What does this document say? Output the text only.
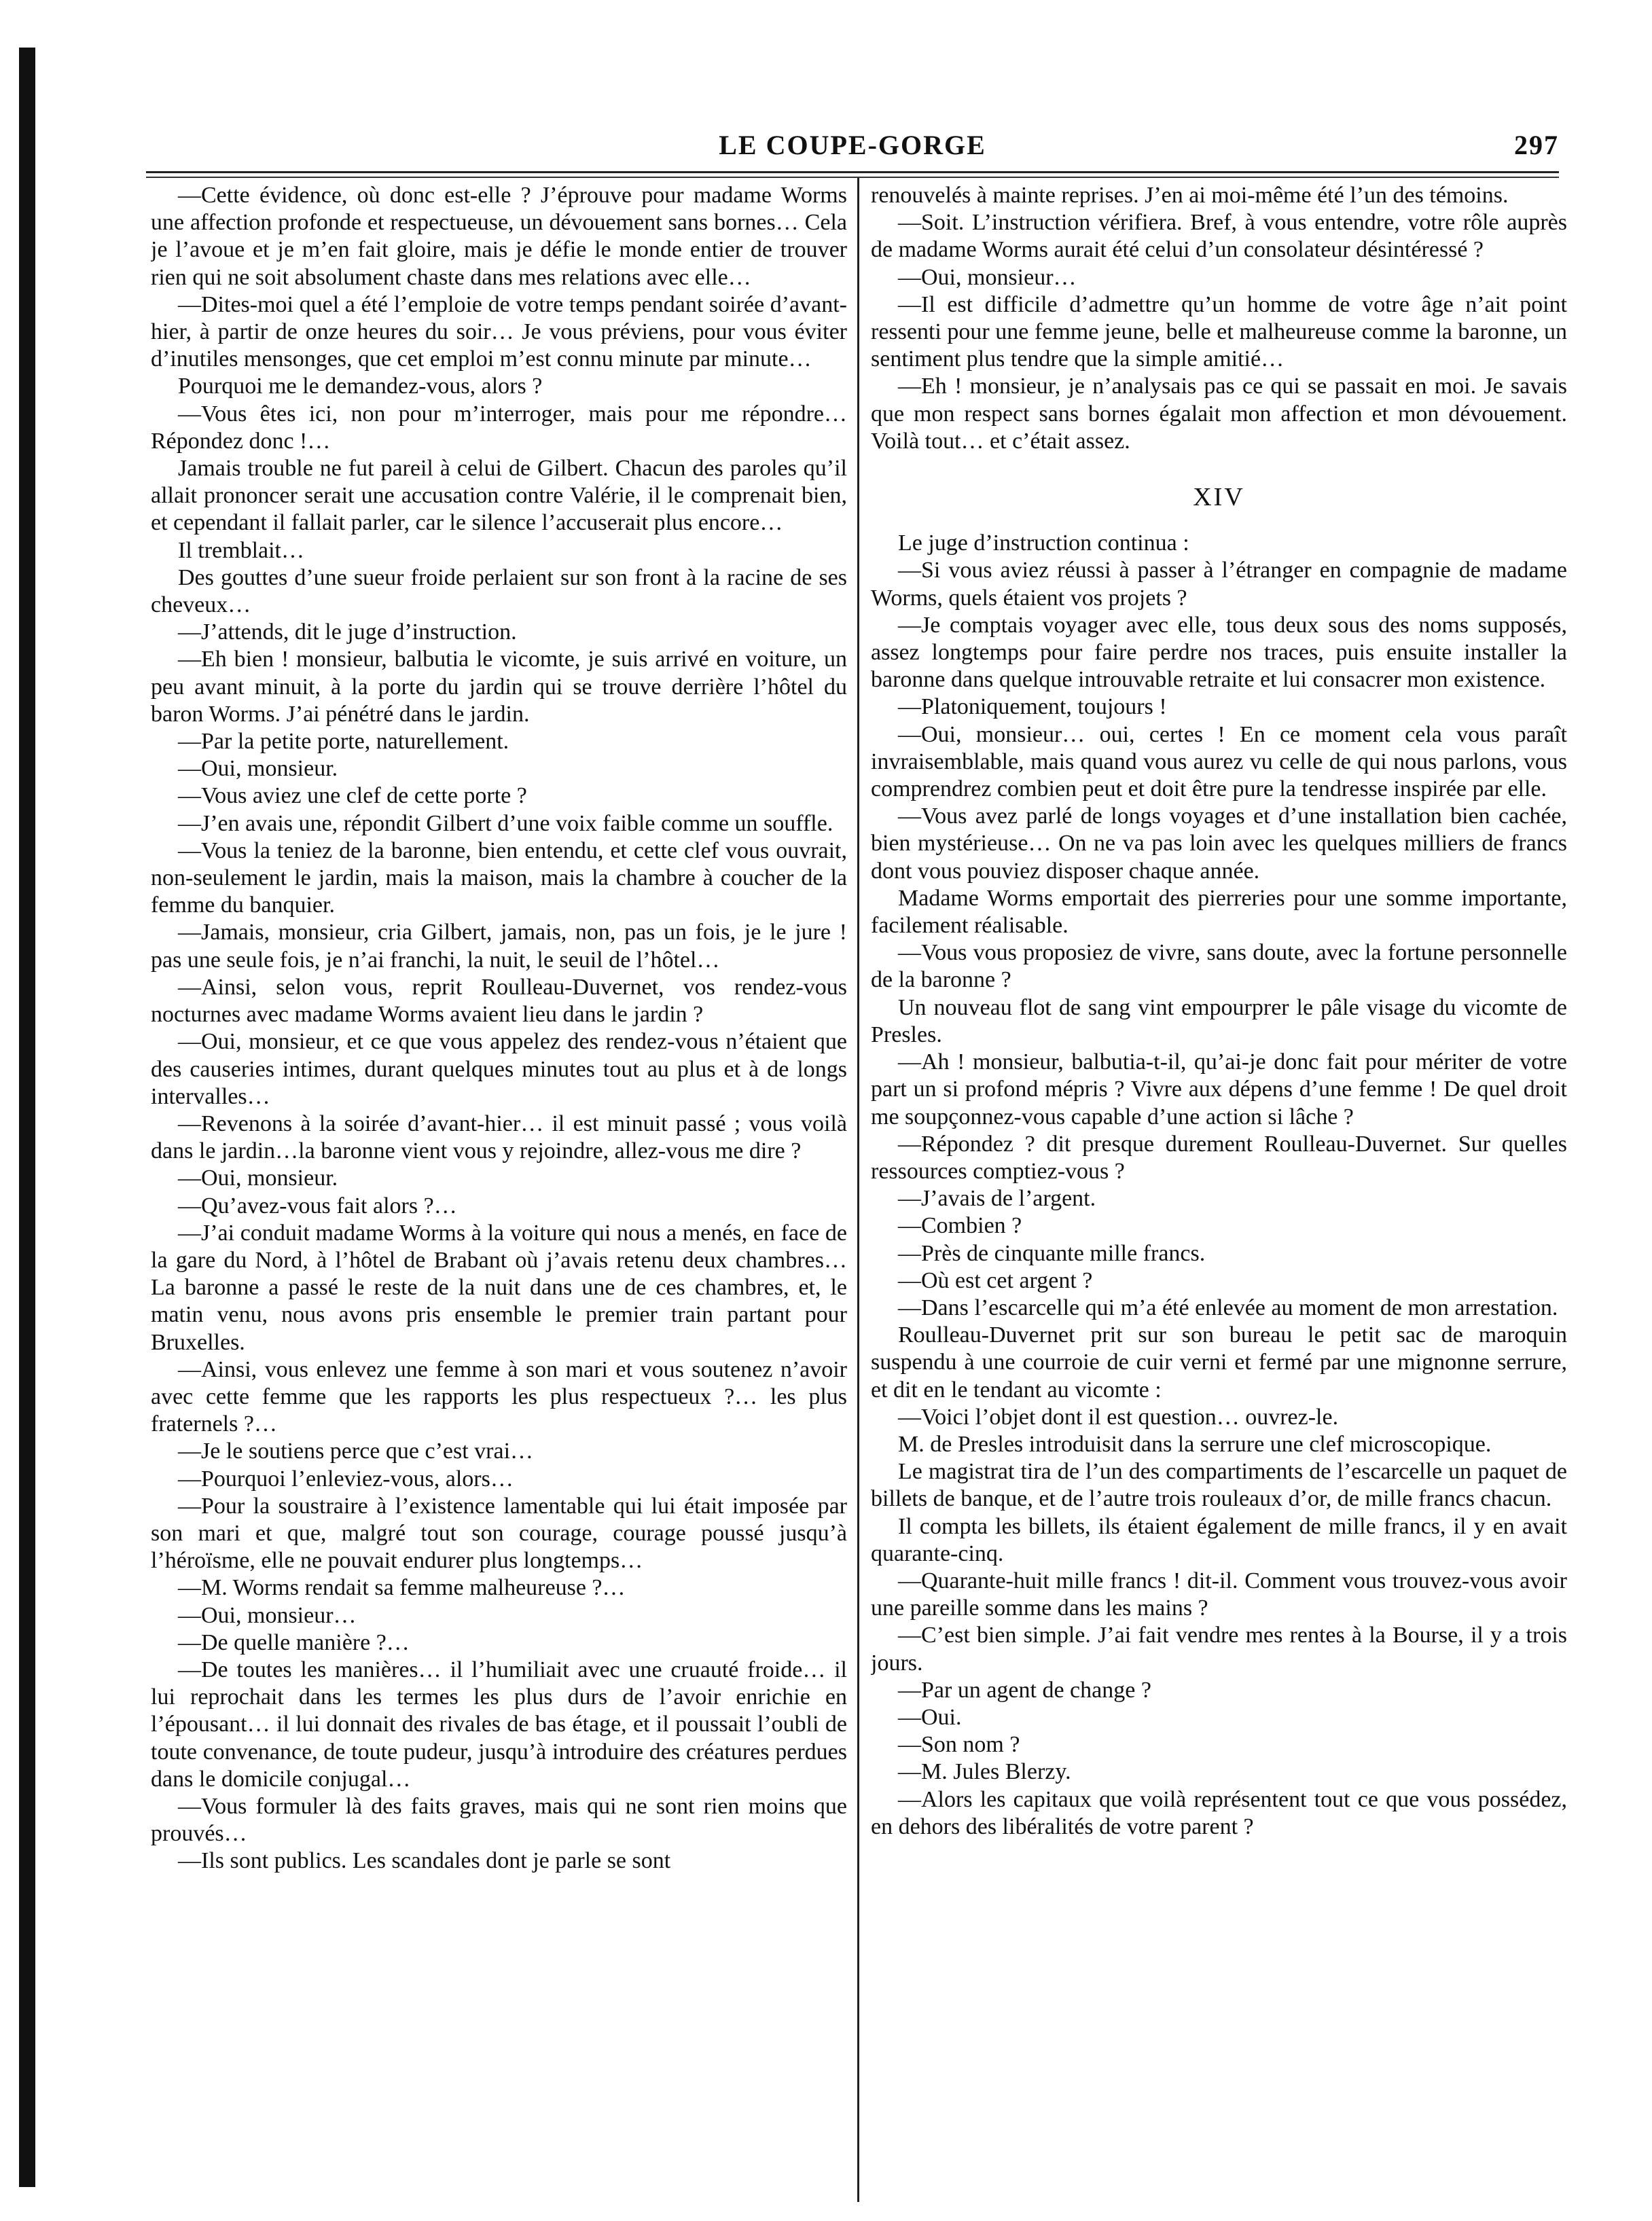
LE COUPE-GORGE	297

—Cette évidence, où donc est-elle ? J’éprouve pour madame Worms une affection profonde et respectueuse, un dévouement sans bornes… Cela je l’avoue et je m’en fait gloire, mais je défie le monde entier de trouver rien qui ne soit absolument chaste dans mes relations avec elle…

—Dites-moi quel a été l’emploie de votre temps pendant soirée d’avant-hier, à partir de onze heures du soir… Je vous préviens, pour vous éviter d’inutiles mensonges, que cet emploi m’est connu minute par minute…

Pourquoi me le demandez-vous, alors ?

—Vous êtes ici, non pour m’interroger, mais pour me répondre… Répondez donc !…

Jamais trouble ne fut pareil à celui de Gilbert. Chacun des paroles qu’il allait prononcer serait une accusation contre Valérie, il le comprenait bien, et cependant il fallait parler, car le silence l’accuserait plus encore…

Il tremblait…

Des gouttes d’une sueur froide perlaient sur son front à la racine de ses cheveux…

—J’attends, dit le juge d’instruction.

—Eh bien ! monsieur, balbutia le vicomte, je suis arrivé en voiture, un peu avant minuit, à la porte du jardin qui se trouve derrière l’hôtel du baron Worms. J’ai pénétré dans le jardin.

—Par la petite porte, naturellement.

—Oui, monsieur.

—Vous aviez une clef de cette porte ?

—J’en avais une, répondit Gilbert d’une voix faible comme un souffle.

—Vous la teniez de la baronne, bien entendu, et cette clef vous ouvrait, non-seulement le jardin, mais la maison, mais la chambre à coucher de la femme du banquier.

—Jamais, monsieur, cria Gilbert, jamais, non, pas un fois, je le jure ! pas une seule fois, je n’ai franchi, la nuit, le seuil de l’hôtel…

—Ainsi, selon vous, reprit Roulleau-Duvernet, vos rendez-vous nocturnes avec madame Worms avaient lieu dans le jardin ?

—Oui, monsieur, et ce que vous appelez des rendez-vous n’étaient que des causeries intimes, durant quelques minutes tout au plus et à de longs intervalles…

—Revenons à la soirée d’avant-hier… il est minuit passé ; vous voilà dans le jardin…la baronne vient vous y rejoindre, allez-vous me dire ?

—Oui, monsieur.

—Qu’avez-vous fait alors ?…

—J’ai conduit madame Worms à la voiture qui nous a menés, en face de la gare du Nord, à l’hôtel de Brabant où j’avais retenu deux chambres… La baronne a passé le reste de la nuit dans une de ces chambres, et, le matin venu, nous avons pris ensemble le premier train partant pour Bruxelles.

—Ainsi, vous enlevez une femme à son mari et vous soutenez n’avoir avec cette femme que les rapports les plus respectueux ?… les plus fraternels ?…

—Je le soutiens perce que c’est vrai…

—Pourquoi l’enleviez-vous, alors…

—Pour la soustraire à l’existence lamentable qui lui était imposée par son mari et que, malgré tout son courage, courage poussé jusqu’à l’héroïsme, elle ne pouvait endurer plus longtemps…

—M. Worms rendait sa femme malheureuse ?…

—Oui, monsieur…

—De quelle manière ?…

—De toutes les manières… il l’humiliait avec une cruauté froide… il lui reprochait dans les termes les plus durs de l’avoir enrichie en l’épousant… il lui donnait des rivales de bas étage, et il poussait l’oubli de toute convenance, de toute pudeur, jusqu’à introduire des créatures perdues dans le domicile conjugal…

—Vous formuler là des faits graves, mais qui ne sont rien moins que prouvés…

—Ils sont publics. Les scandales dont je parle se sont

renouvelés à mainte reprises. J’en ai moi-même été l’un des témoins.

—Soit. L’instruction vérifiera. Bref, à vous entendre, votre rôle auprès de madame Worms aurait été celui d’un consolateur désintéressé ?

—Oui, monsieur…

—Il est difficile d’admettre qu’un homme de votre âge n’ait point ressenti pour une femme jeune, belle et malheureuse comme la baronne, un sentiment plus tendre que la simple amitié…

—Eh ! monsieur, je n’analysais pas ce qui se passait en moi. Je savais que mon respect sans bornes égalait mon affection et mon dévouement. Voilà tout… et c’était assez.

XIV

Le juge d’instruction continua :

—Si vous aviez réussi à passer à l’étranger en compagnie de madame Worms, quels étaient vos projets ?

—Je comptais voyager avec elle, tous deux sous des noms supposés, assez longtemps pour faire perdre nos traces, puis ensuite installer la baronne dans quelque introuvable retraite et lui consacrer mon existence.

—Platoniquement, toujours !

—Oui, monsieur… oui, certes ! En ce moment cela vous paraît invraisemblable, mais quand vous aurez vu celle de qui nous parlons, vous comprendrez combien peut et doit être pure la tendresse inspirée par elle.

—Vous avez parlé de longs voyages et d’une installation bien cachée, bien mystérieuse… On ne va pas loin avec les quelques milliers de francs dont vous pouviez disposer chaque année.

Madame Worms emportait des pierreries pour une somme importante, facilement réalisable.

—Vous vous proposiez de vivre, sans doute, avec la fortune personnelle de la baronne ?

Un nouveau flot de sang vint empourprer le pâle visage du vicomte de Presles.

—Ah ! monsieur, balbutia-t-il, qu’ai-je donc fait pour mériter de votre part un si profond mépris ? Vivre aux dépens d’une femme ! De quel droit me soupçonnez-vous capable d’une action si lâche ?

—Répondez ? dit presque durement Roulleau-Duvernet. Sur quelles ressources comptiez-vous ?

—J’avais de l’argent.

—Combien ?

—Près de cinquante mille francs.

—Où est cet argent ?

—Dans l’escarcelle qui m’a été enlevée au moment de mon arrestation.

Roulleau-Duvernet prit sur son bureau le petit sac de maroquin suspendu à une courroie de cuir verni et fermé par une mignonne serrure, et dit en le tendant au vicomte :

—Voici l’objet dont il est question… ouvrez-le.

M. de Presles introduisit dans la serrure une clef microscopique.

Le magistrat tira de l’un des compartiments de l’escarcelle un paquet de billets de banque, et de l’autre trois rouleaux d’or, de mille francs chacun.

Il compta les billets, ils étaient également de mille francs, il y en avait quarante-cinq.

—Quarante-huit mille francs ! dit-il. Comment vous trouvez-vous avoir une pareille somme dans les mains ?

—C’est bien simple. J’ai fait vendre mes rentes à la Bourse, il y a trois jours.

—Par un agent de change ?

—Oui.

—Son nom ?

—M. Jules Blerzy.

—Alors les capitaux que voilà représentent tout ce que vous possédez, en dehors des libéralités de votre parent ?
